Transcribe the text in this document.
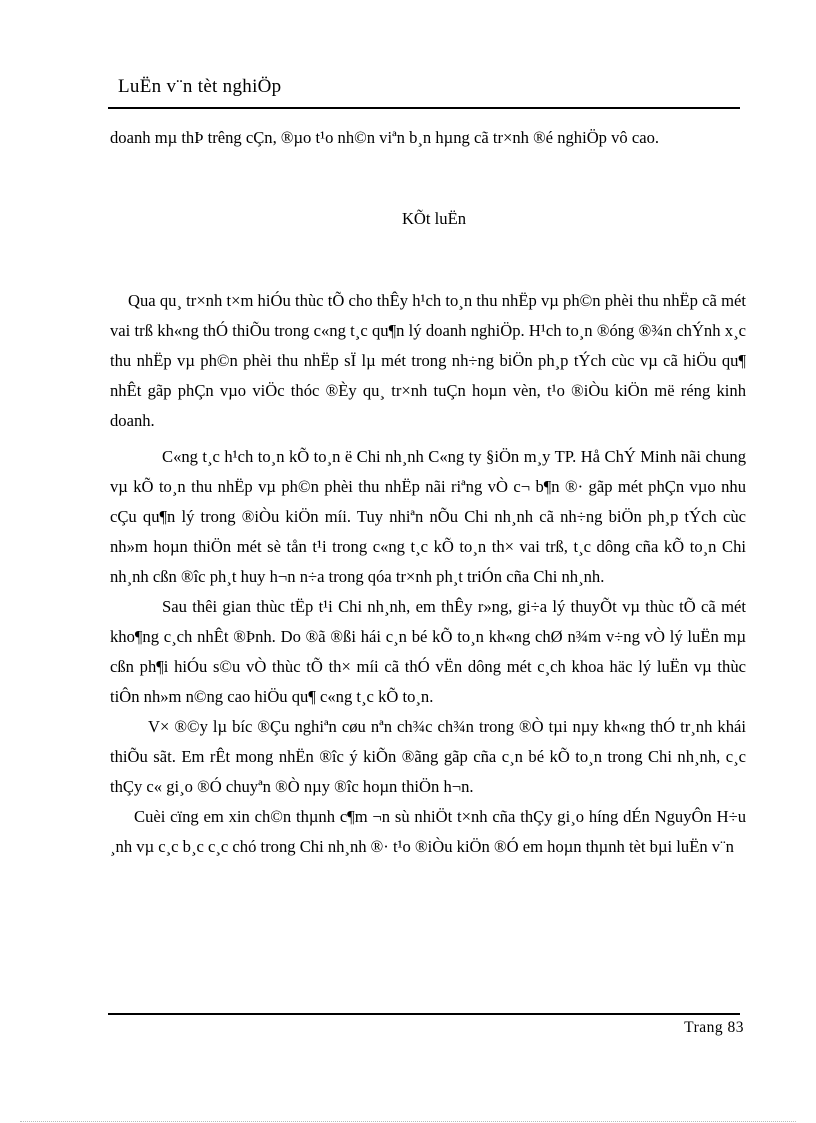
LuËn v¨n tèt nghiÖp

doanh mµ thÞ trêng cÇn, ®µo t¹o nh©n viªn b¸n hµng cã tr×nh ®é nghiÖp vô cao.

KÕt luËn

Qua qu¸ tr×nh t×m hiÓu thùc tÕ cho thÊy h¹ch to¸n thu nhËp vµ ph©n phèi thu nhËp cã mét vai trß kh«ng thÓ thiÕu trong c«ng t¸c qu¶n lý doanh nghiÖp. H¹ch to¸n ®óng ®¾n chÝnh x¸c thu nhËp vµ ph©n phèi thu nhËp sÏ lµ mét trong nh÷ng biÖn ph¸p tÝch cùc vµ cã hiÖu qu¶ nhÊt gãp phÇn vµo viÖc thóc ®Èy qu¸ tr×nh tuÇn hoµn vèn, t¹o ®iÒu kiÖn më réng kinh doanh.

C«ng t¸c h¹ch to¸n kÕ to¸n ë Chi nh¸nh C«ng ty §iÖn m¸y TP. Hå ChÝ Minh nãi chung vµ kÕ to¸n thu nhËp vµ ph©n phèi thu nhËp nãi riªng vÒ c¬ b¶n ®· gãp mét phÇn vµo nhu cÇu qu¶n lý trong ®iÒu kiÖn míi. Tuy nhiªn nÕu Chi nh¸nh cã nh÷ng biÖn ph¸p tÝch cùc nh»m hoµn thiÖn mét sè tån t¹i trong c«ng t¸c kÕ to¸n th× vai trß, t¸c dông cña kÕ to¸n Chi nh¸nh cßn ®îc ph¸t huy h¬n n÷a trong qóa tr×nh ph¸t triÓn cña Chi nh¸nh.

Sau thêi gian thùc tËp t¹i Chi nh¸nh, em thÊy r»ng, gi÷a lý thuyÕt vµ thùc tÕ cã mét kho¶ng c¸ch nhÊt ®Þnh. Do ®ã ®ßi hái c¸n bé kÕ to¸n kh«ng chØ n¾m v÷ng vÒ lý luËn mµ cßn ph¶i hiÓu s©u vÒ thùc tÕ th× míi cã thÓ vËn dông mét c¸ch khoa häc lý luËn vµ thùc tiÔn nh»m n©ng cao hiÖu qu¶ c«ng t¸c kÕ to¸n.

V× ®©y lµ bíc ®Çu nghiªn cøu nªn ch¾c ch¾n trong ®Ò tµi nµy kh«ng thÓ tr¸nh khái thiÕu sãt. Em rÊt mong nhËn ®îc ý kiÕn ®ãng gãp cña c¸n bé kÕ to¸n trong Chi nh¸nh, c¸c thÇy c« gi¸o ®Ó chuyªn ®Ò nµy ®îc hoµn thiÖn h¬n.

Cuèi cïng em xin ch©n thµnh c¶m ¬n sù nhiÖt t×nh cña thÇy gi¸o híng dÉn NguyÔn H÷u ¸nh vµ c¸c b¸c c¸c chó trong Chi nh¸nh ®· t¹o ®iÒu kiÖn ®Ó em hoµn thµnh tèt bµi luËn v¨n

Trang 83
